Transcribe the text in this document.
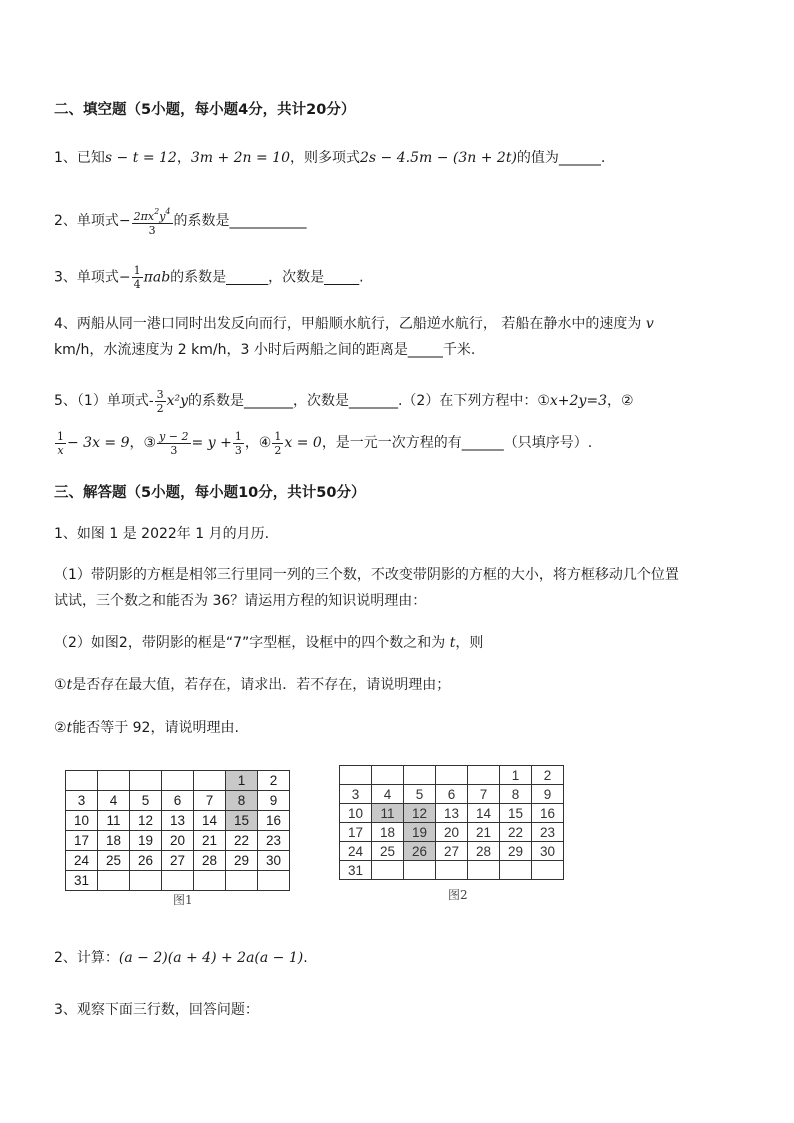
二、填空题（5小题，每小题4分，共计20分）
1、已知s − t = 12，3m + 2n = 10，则多项式2s − 4.5m − (3n + 2t)的值为______.
2、单项式− $\frac{2\pi x^2y^4}{3}$ 的系数是___________
3、单项式− $\frac{1}{4}$ πab的系数是______，次数是_____.
4、两船从同一港口同时出发反向而行，甲船顺水航行，乙船逆水航行， 若船在静水中的速度为 v
km/h，水流速度为 2 km/h，3 小时后两船之间的距离是_____千米.
5、（1）单项式- $\frac{3}{2} x^2y$的系数是_______，次数是_______.（2）在下列方程中：①x+2y=3，②
$\frac{1}{x} - 3x = 9$，③ $\frac{y - 2}{3} = y + \frac{1}{3}$ ，④ $\frac{1}{2}$ x = 0，是一元一次方程的有______（只填序号）.
三、解答题（5小题，每小题10分，共计50分）
1、如图 1 是 2022年 1 月的月历.
（1）带阴影的方框是相邻三行里同一列的三个数，不改变带阴影的方框的大小，将方框移动几个位置
试试，三个数之和能否为 36？请运用方程的知识说明理由：
（2）如图2，带阴影的框是“7”字型框，设框中的四个数之和为 t，则
①t是否存在最大值，若存在，请求出．若不存在，请说明理由；
②t能否等于 92，请说明理由.
					1	2
3	4	5	6	7	8	9
10	11	12	13	14	15	16
17	18	19	20	21	22	23
24	25	26	27	28	29	30
31						
图1
					1	2
3	4	5	6	7	8	9
10	11	12	13	14	15	16
17	18	19	20	21	22	23
24	25	26	27	28	29	30
31						
图2
2、计算：(a − 2)(a + 4) + 2a(a − 1).
3、观察下面三行数，回答问题：
